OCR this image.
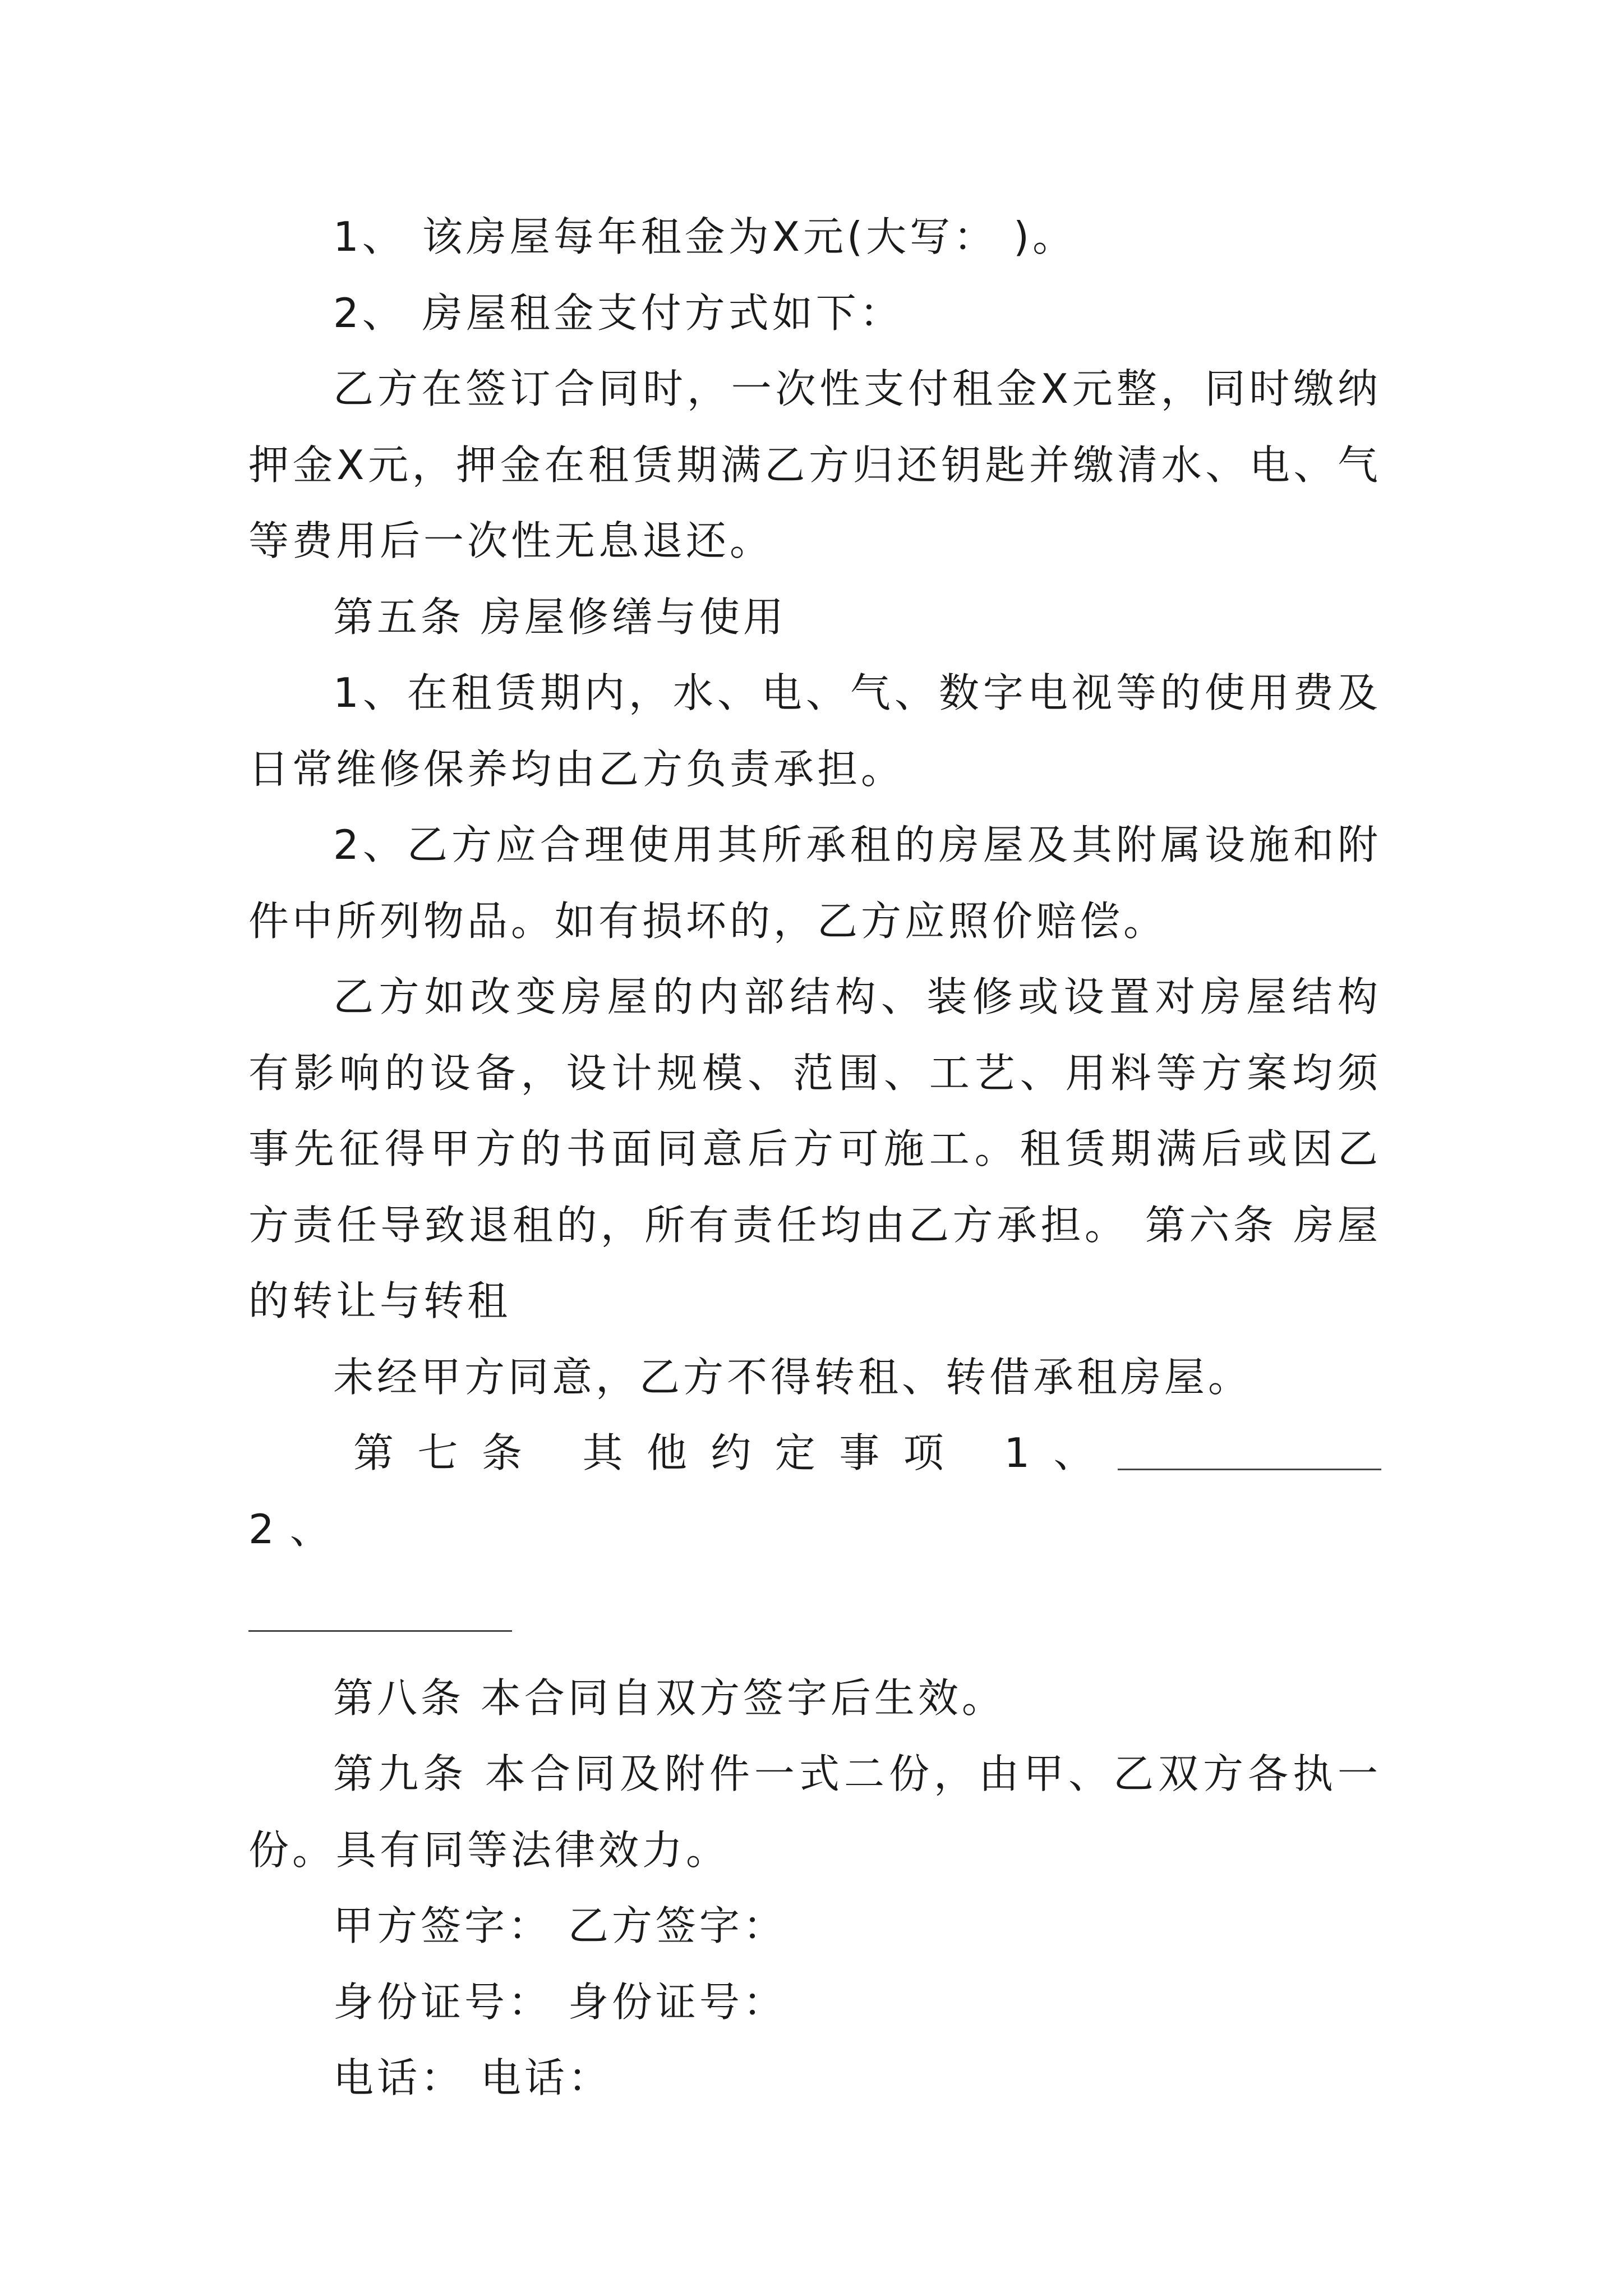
1、 该房屋每年租金为X元(大写： )。

2、 房屋租金支付方式如下：

乙方在签订合同时，一次性支付租金X元整，同时缴纳押金X元，押金在租赁期满乙方归还钥匙并缴清水、电、气等费用后一次性无息退还。

第五条 房屋修缮与使用

1、在租赁期内，水、电、气、数字电视等的使用费及日常维修保养均由乙方负责承担。

2、乙方应合理使用其所承租的房屋及其附属设施和附件中所列物品。如有损坏的，乙方应照价赔偿。

乙方如改变房屋的内部结构、装修或设置对房屋结构有影响的设备，设计规模、范围、工艺、用料等方案均须事先征得甲方的书面同意后方可施工。租赁期满后或因乙方责任导致退租的，所有责任均由乙方承担。 第六条 房屋的转让与转租

未经甲方同意，乙方不得转租、转借承租房屋。

第七条 其他约定事项 1、 2、

第八条 本合同自双方签字后生效。

第九条 本合同及附件一式二份，由甲、乙双方各执一份。具有同等法律效力。

甲方签字： 乙方签字：

身份证号： 身份证号：

电话： 电话：
